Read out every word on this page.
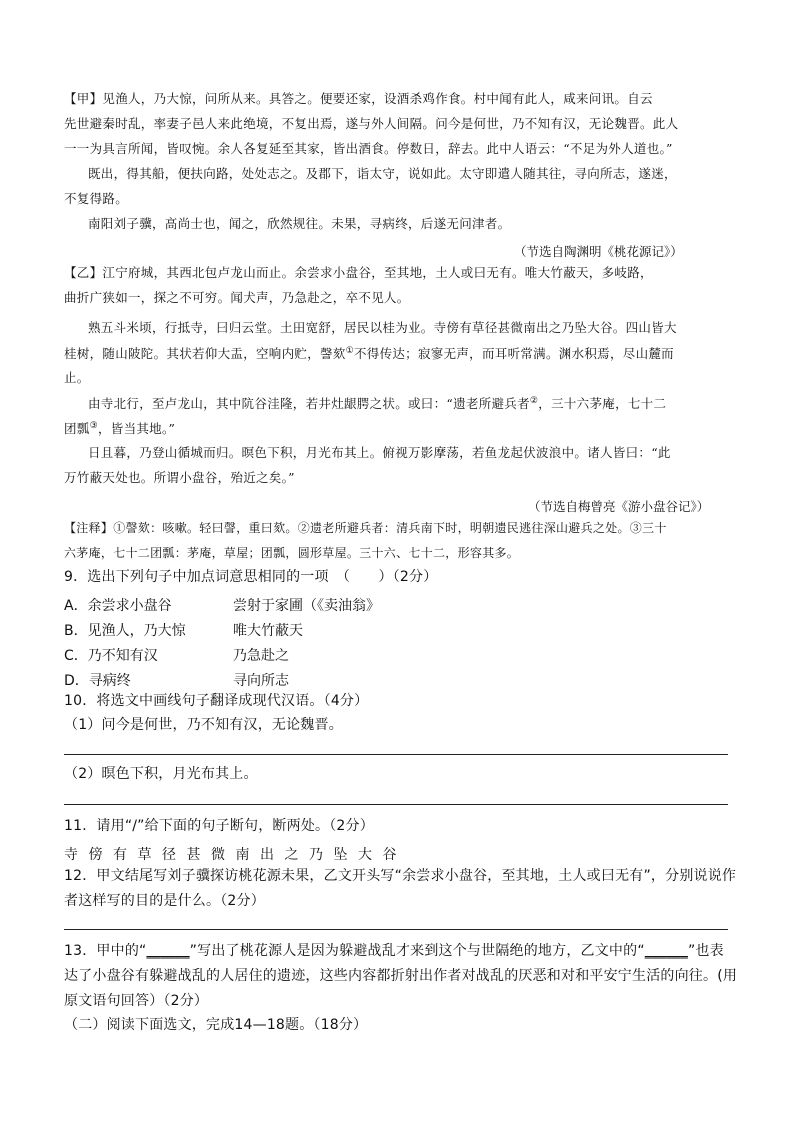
【甲】见渔人，乃大惊，问所从来。具答之。便要还家，设酒杀鸡作食。村中闻有此人，咸来问讯。自云
先世避秦时乱，率妻子邑人来此绝境，不复出焉，遂与外人间隔。问今是何世，乃不知有汉，无论魏晋。此人
一一为具言所闻，皆叹惋。余人各复延至其家，皆出酒食。停数日，辞去。此中人语云：“不足为外人道也。”
既出，得其船，便扶向路，处处志之。及郡下，诣太守，说如此。太守即遣人随其往，寻向所志，遂迷，
不复得路。
南阳刘子骥，高尚士也，闻之，欣然规往。未果，寻病终，后遂无问津者。
（节选自陶渊明《桃花源记》）
【乙】江宁府城，其西北包卢龙山而止。余尝求小盘谷，至其地，土人或曰无有。唯大竹蔽天，多岐路，
曲折广狭如一，探之不可穷。闻犬声，乃急赴之，卒不见人。
熟五斗米顷，行抵寺，曰归云堂。土田宽舒，居民以桂为业。寺傍有草径甚微南出之乃坠大谷。四山皆大
桂树，随山陂陀。其状若仰大盂，空响内贮，謦欬①不得传达；寂寥无声，而耳听常满。渊水积焉，尽山麓而
止。
由寺北行，至卢龙山，其中阬谷洼隆，若井灶龈腭之状。或曰：“遗老所避兵者②，三十六茅庵，七十二
团瓢③，皆当其地。”
日且暮，乃登山循城而归。暝色下积，月光布其上。俯视万影摩荡，若鱼龙起伏波浪中。诸人皆曰：“此
万竹蔽天处也。所谓小盘谷，殆近之矣。”
（节选自梅曾亮《游小盘谷记》）
【注释】①謦欬：咳嗽。轻曰謦，重曰欬。②遗老所避兵者：清兵南下时，明朝遗民逃往深山避兵之处。③三十
六茅庵，七十二团瓢：茅庵，草屋；团瓢，圆形草屋。三十六、七十二，形容其多。
9．选出下列句子中加点词意思相同的一项　（　　）（2分）
A．余尝求小盘谷	尝射于家圃（《卖油翁》
B．见渔人，乃大惊	唯大竹蔽天
C．乃不知有汉	乃急赴之
D．寻病终	寻向所志
10．将选文中画线句子翻译成现代汉语。（4分）
（1）问今是何世，乃不知有汉，无论魏晋。
（2）暝色下积，月光布其上。
11．请用“/”给下面的句子断句，断两处。（2分）
寺傍有草径甚微南出之乃坠大谷
12．甲文结尾写刘子骥探访桃花源未果，乙文开头写“余尝求小盘谷，至其地，土人或曰无有”，分别说说作
者这样写的目的是什么。（2分）
13．甲中的“______”写出了桃花源人是因为躲避战乱才来到这个与世隔绝的地方，乙文中的“______”也表
达了小盘谷有躲避战乱的人居住的遗迹，这些内容都折射出作者对战乱的厌恶和对和平安宁生活的向往。(用
原文语句回答）（2分）
（二）阅读下面选文，完成14—18题。（18分）
